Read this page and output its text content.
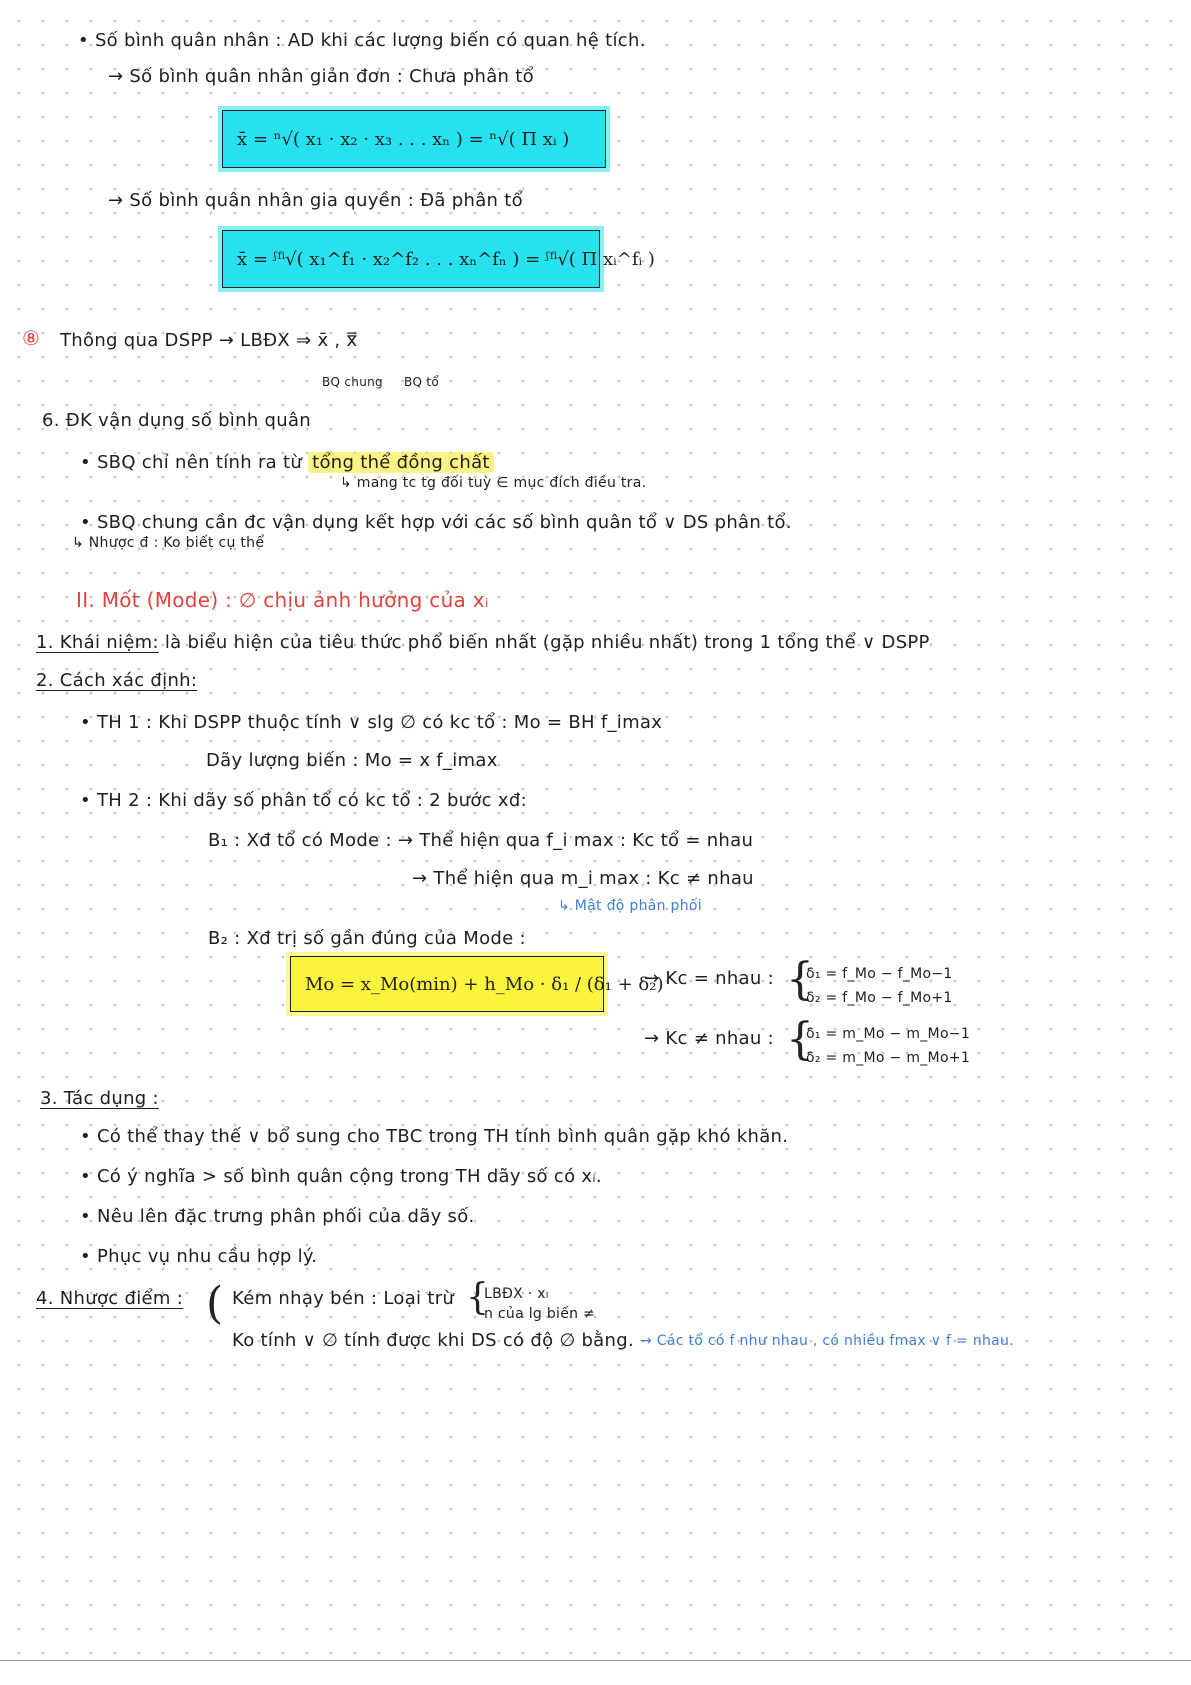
• Số bình quân nhân : AD khi các lượng biến có quan hệ tích.
→ Số bình quân nhân giản đơn : Chưa phân tổ
x̄ = ⁿ√( x₁ · x₂ · x₃ . . . xₙ ) = ⁿ√( Π xᵢ )
→ Số bình quân nhân gia quyền : Đã phân tổ
x̄ = ᶴᶠⁱ√( x₁^f₁ · x₂^f₂ . . . xₙ^fₙ ) = ᶴᶠⁱ√( Π xᵢ^fᵢ )
⑧ Thông qua DSPP → LBĐX ⇒ x̄ , x̿
BQ chung BQ tổ
6. ĐK vận dụng số bình quân
• SBQ chỉ nên tính ra từ tổng thể đồng chất
↳ mang tc tg đối tuỳ ∈ mục đích điều tra.
• SBQ chung cần đc vận dụng kết hợp với các số bình quân tổ ∨ DS phân tổ.
↳ Nhược đ : Ko biết cụ thể
II. Mốt (Mode) : ∅ chịu ảnh hưởng của xᵢ
1. Khái niệm: là biểu hiện của tiêu thức phổ biến nhất (gặp nhiều nhất) trong 1 tổng thể ∨ DSPP
2. Cách xác định:
• TH 1 : Khi DSPP thuộc tính ∨ slg ∅ có kc tổ : Mo = BH f_imax
Dãy lượng biến : Mo = x f_imax
• TH 2 : Khi dãy số phân tổ có kc tổ : 2 bước xđ:
B₁ : Xđ tổ có Mode : → Thể hiện qua f_i max : Kc tổ = nhau
→ Thể hiện qua m_i max : Kc ≠ nhau
↳ Mật độ phân phối
B₂ : Xđ trị số gần đúng của Mode :
Mo = x_Mo(min) + h_Mo · δ₁ / (δ₁ + δ₂)
→ Kc = nhau : {
δ₁ = f_Mo − f_Mo−1
δ₂ = f_Mo − f_Mo+1
→ Kc ≠ nhau : {
δ₁ = m_Mo − m_Mo−1
δ₂ = m_Mo − m_Mo+1
3. Tác dụng :
• Có thể thay thế ∨ bổ sung cho TBC trong TH tính bình quân gặp khó khăn.
• Có ý nghĩa > số bình quân cộng trong TH dãy số có xᵢ.
• Nêu lên đặc trưng phân phối của dãy số.
• Phục vụ nhu cầu hợp lý.
4. Nhược điểm : ( Kém nhạy bén : Loại trừ {
LBĐX · xᵢ
n của lg biến ≠
Ko tính ∨ ∅ tính được khi DS có độ ∅ bằng. → Các tổ có f như nhau , có nhiều fmax ∨ f = nhau.
